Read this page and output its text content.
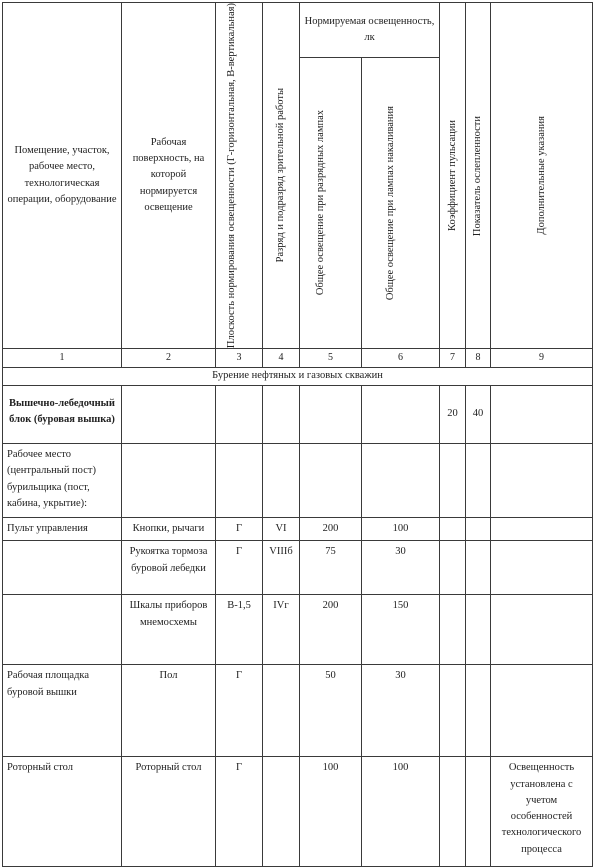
Помещение, участок, рабочее место, технологическая операции, оборудование	Рабочая поверхность, на которой нормируется освещение	Плоскость нормирования освещенности (Г-горизонтальная, В-вертикальная)	Разряд и подразряд зрительной работы	Нормируемая освещенность, лк		Коэффициент пульсации	Показатель ослепленности	Дополнительные указания

				Общее освещение при разрядных лампах	Общее освещение при лампах накаливания			

1	2	3	4	5	6	7	8	9
Бурение нефтяных и газовых скважин								
Вышечно-лебедочный блок (буровая вышка)						20	40	
Рабочее место (центральный пост) бурильщика (пост, кабина, укрытие):								
Пульт управления	Кнопки, рычаги	Г	VI	200	100			
	Рукоятка тормоза буровой лебедки	Г	VIIIб	75	30			
	Шкалы приборов мнемосхемы	В-1,5	IVг	200	150			
Рабочая площадка буровой вышки	Пол	Г		50	30			
Роторный стол	Роторный стол	Г		100	100			Освещенность установлена с учетом особенностей технологического процесса
